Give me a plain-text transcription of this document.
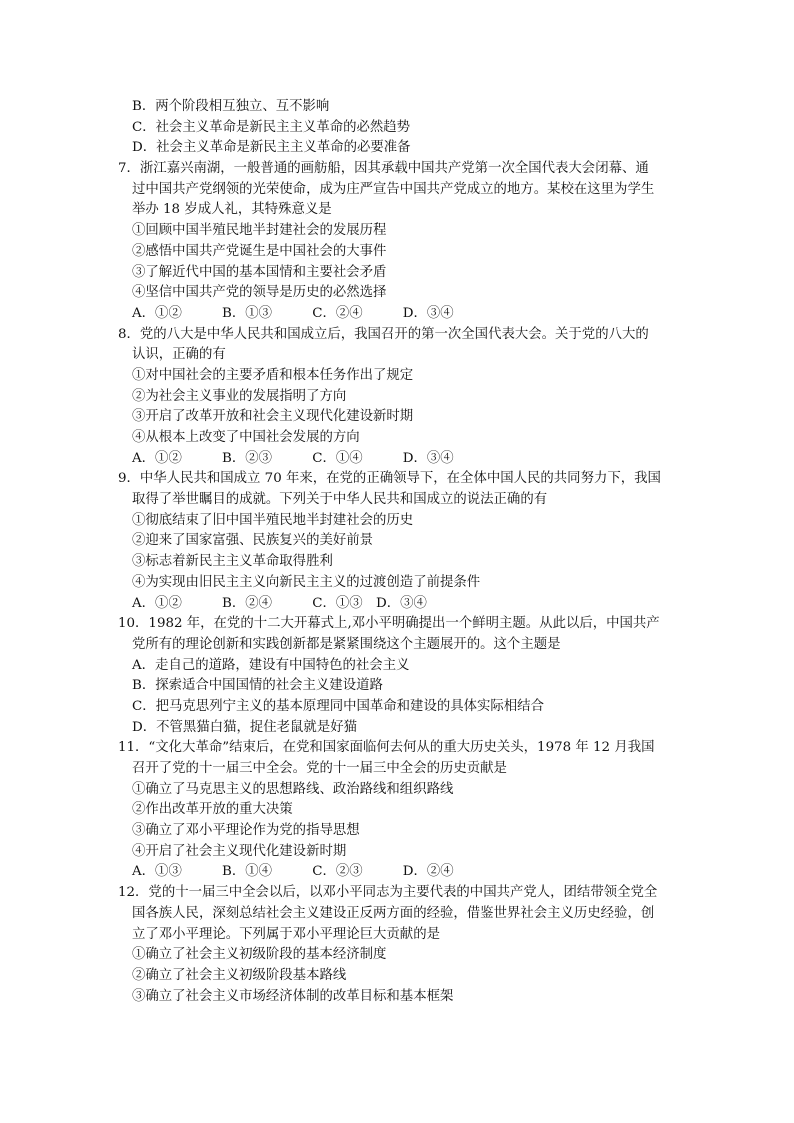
B．两个阶段相互独立、互不影响
C．社会主义革命是新民主主义革命的必然趋势
D．社会主义革命是新民主主义革命的必要准备
7．浙江嘉兴南湖，一般普通的画舫船，因其承载中国共产党第一次全国代表大会闭幕、通
过中国共产党纲领的光荣使命，成为庄严宣告中国共产党成立的地方。某校在这里为学生
举办 18 岁成人礼，其特殊意义是
①回顾中国半殖民地半封建社会的发展历程
②感悟中国共产党诞生是中国社会的大事件
③了解近代中国的基本国情和主要社会矛盾
④坚信中国共产党的领导是历史的必然选择
A．①②　　　B．①③　　　C．②④　　　D．③④
8．党的八大是中华人民共和国成立后，我国召开的第一次全国代表大会。关于党的八大的
认识，正确的有
①对中国社会的主要矛盾和根本任务作出了规定
②为社会主义事业的发展指明了方向
③开启了改革开放和社会主义现代化建设新时期
④从根本上改变了中国社会发展的方向
A．①②　　　B．②③　　　C．①④　　　D．③④
9．中华人民共和国成立 70 年来，在党的正确领导下，在全体中国人民的共同努力下，我国
取得了举世瞩目的成就。下列关于中华人民共和国成立的说法正确的有
①彻底结束了旧中国半殖民地半封建社会的历史
②迎来了国家富强、民族复兴的美好前景
③标志着新民主主义革命取得胜利
④为实现由旧民主主义向新民主主义的过渡创造了前提条件
A．①②　　　B．②④　　　C．①③　D．③④
10．1982 年，在党的十二大开幕式上,邓小平明确提出一个鲜明主题。从此以后，中国共产
党所有的理论创新和实践创新都是紧紧围绕这个主题展开的。这个主题是
A．走自己的道路，建设有中国特色的社会主义
B．探索适合中国国情的社会主义建设道路
C．把马克思列宁主义的基本原理同中国革命和建设的具体实际相结合
D．不管黑猫白猫，捉住老鼠就是好猫
11．“文化大革命”结束后，在党和国家面临何去何从的重大历史关头，1978 年 12 月我国
召开了党的十一届三中全会。党的十一届三中全会的历史贡献是
①确立了马克思主义的思想路线、政治路线和组织路线
②作出改革开放的重大决策
③确立了邓小平理论作为党的指导思想
④开启了社会主义现代化建设新时期
A．①③　　　B．①④　　　C．②③　　　D．②④
12．党的十一届三中全会以后，以邓小平同志为主要代表的中国共产党人，团结带领全党全
国各族人民，深刻总结社会主义建设正反两方面的经验，借鉴世界社会主义历史经验，创
立了邓小平理论。下列属于邓小平理论巨大贡献的是
①确立了社会主义初级阶段的基本经济制度
②确立了社会主义初级阶段基本路线
③确立了社会主义市场经济体制的改革目标和基本框架
